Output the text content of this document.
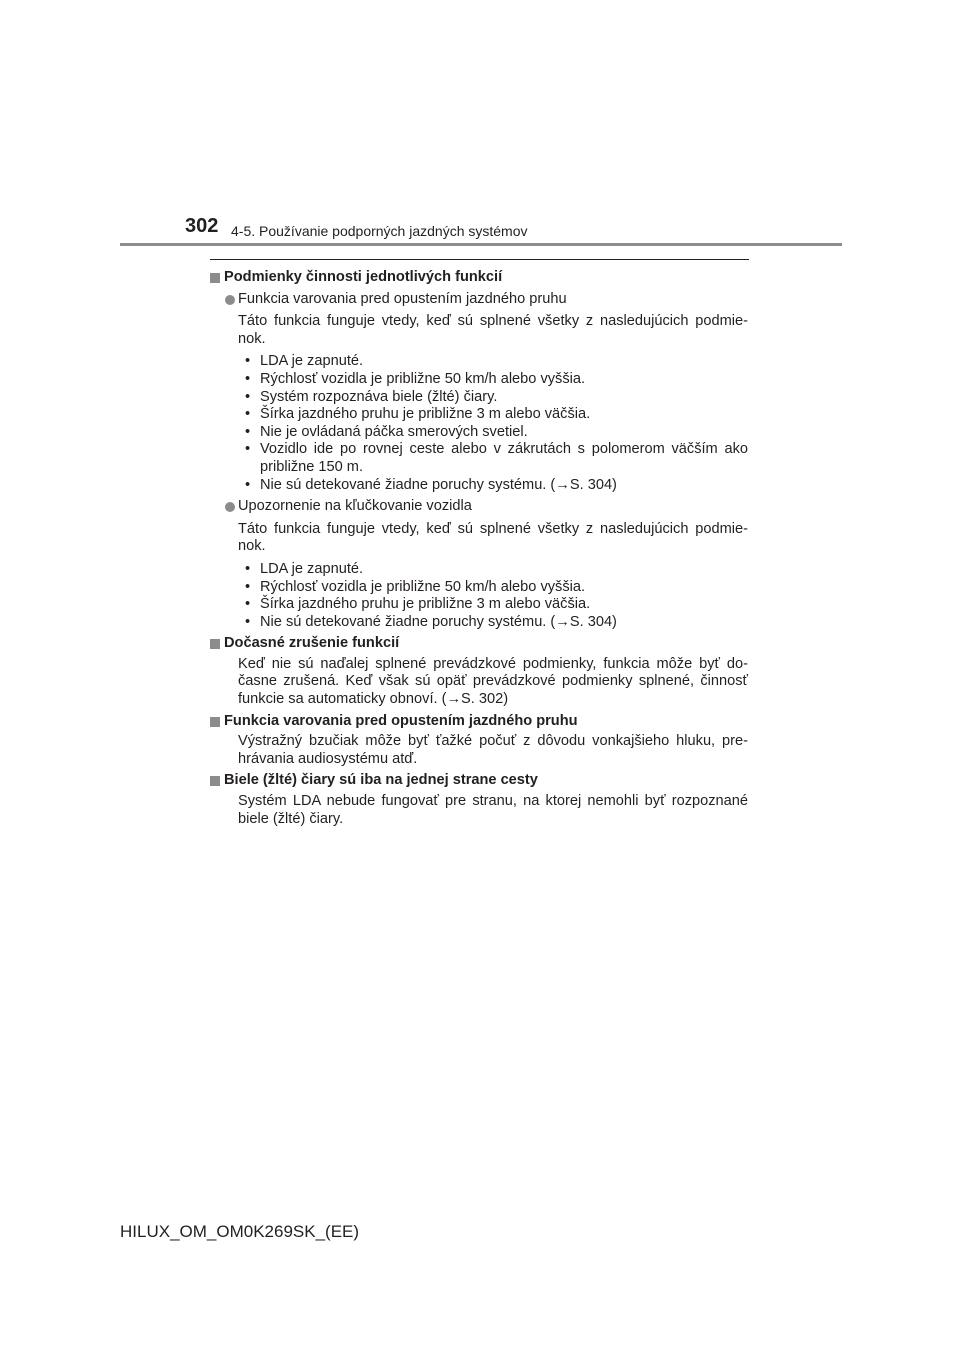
302 4-5. Používanie podporných jazdných systémov
Podmienky činnosti jednotlivých funkcií
Funkcia varovania pred opustením jazdného pruhu
Táto funkcia funguje vtedy, keď sú splnené všetky z nasledujúcich podmie-nok.
• LDA je zapnuté.
• Rýchlosť vozidla je približne 50 km/h alebo vyššia.
• Systém rozpoznáva biele (žlté) čiary.
• Šírka jazdného pruhu je približne 3 m alebo väčšia.
• Nie je ovládaná páčka smerových svetiel.
• Vozidlo ide po rovnej ceste alebo v zákrutách s polomerom väčším ako približne 150 m.
• Nie sú detekované žiadne poruchy systému. (→S. 304)
Upozornenie na kľučkovanie vozidla
Táto funkcia funguje vtedy, keď sú splnené všetky z nasledujúcich podmie-nok.
• LDA je zapnuté.
• Rýchlosť vozidla je približne 50 km/h alebo vyššia.
• Šírka jazdného pruhu je približne 3 m alebo väčšia.
• Nie sú detekované žiadne poruchy systému. (→S. 304)
Dočasné zrušenie funkcií
Keď nie sú naďalej splnené prevádzkové podmienky, funkcia môže byť do-časne zrušená. Keď však sú opäť prevádzkové podmienky splnené, činnosť funkcie sa automaticky obnoví. (→S. 302)
Funkcia varovania pred opustením jazdného pruhu
Výstražný bzučiak môže byť ťažké počuť z dôvodu vonkajšieho hluku, pre-hrávania audiosystému atď.
Biele (žlté) čiary sú iba na jednej strane cesty
Systém LDA nebude fungovať pre stranu, na ktorej nemohli byť rozpoznané biele (žlté) čiary.
HILUX_OM_OM0K269SK_(EE)
